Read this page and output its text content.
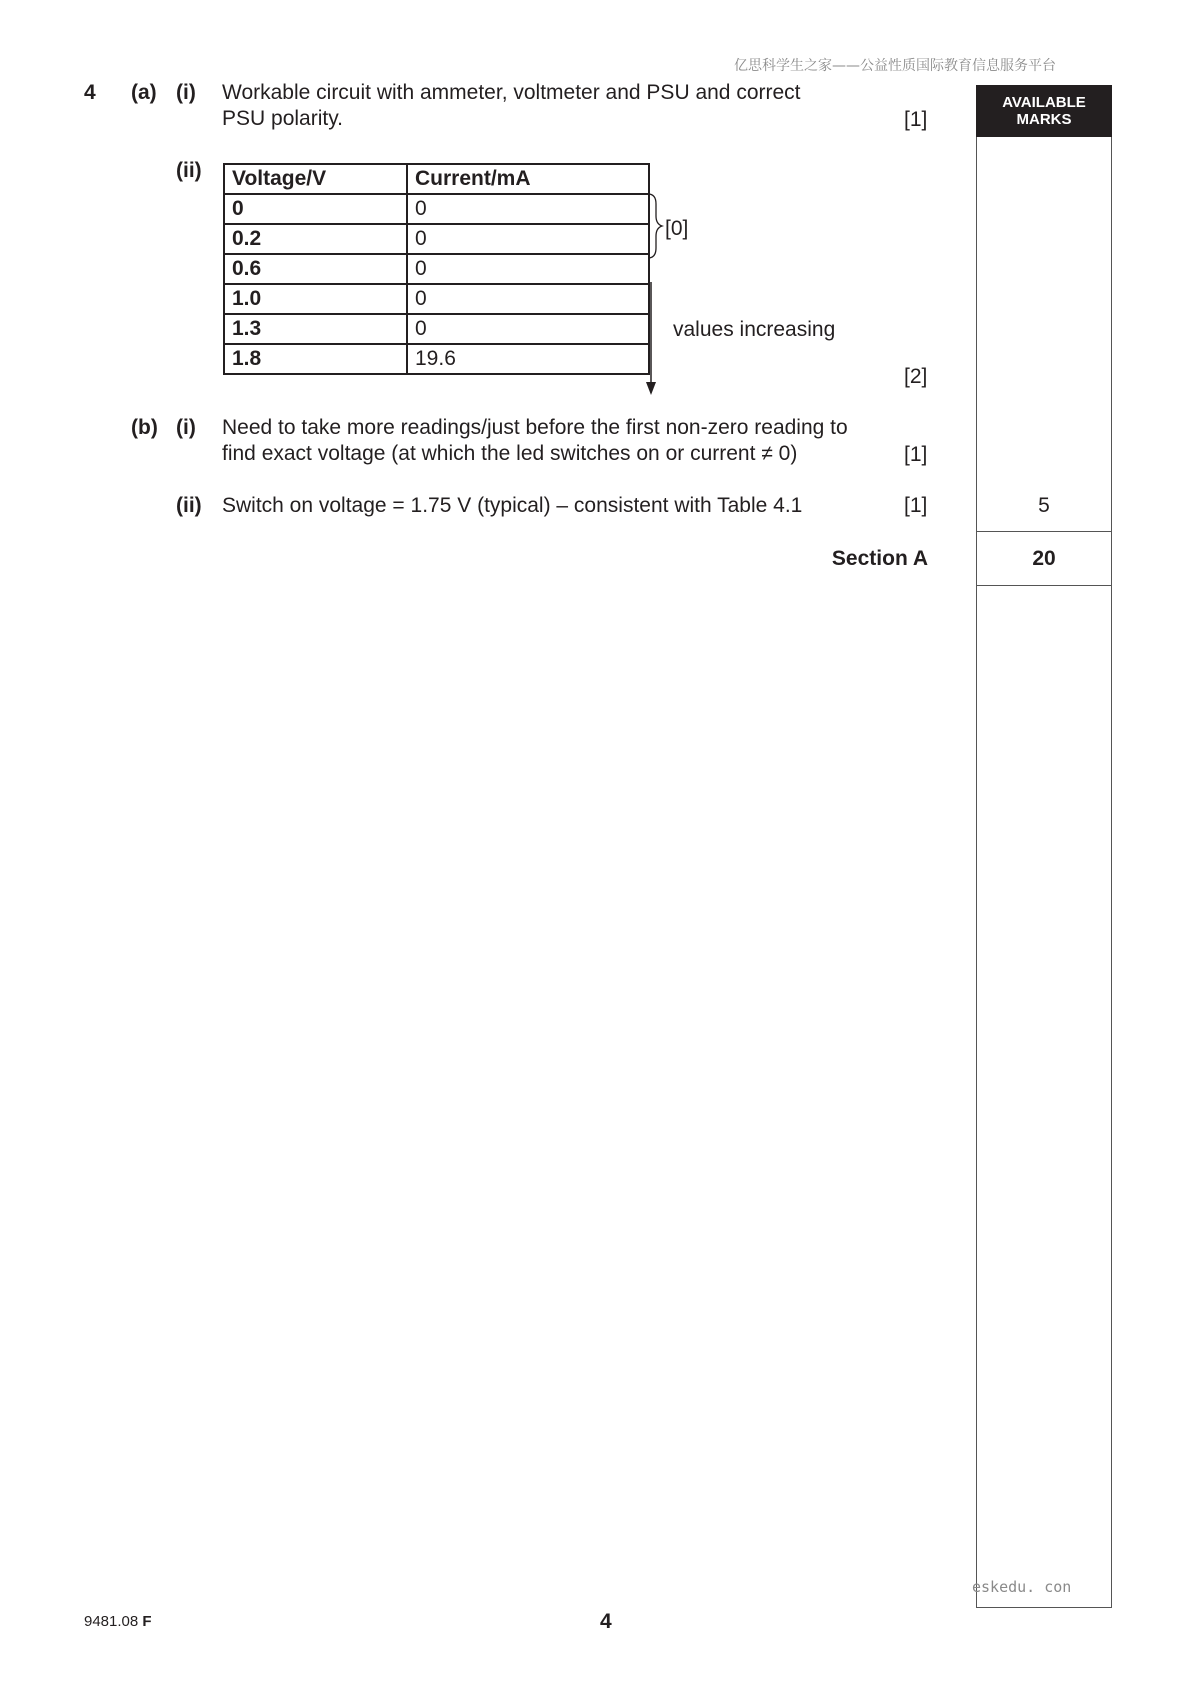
亿思科学生之家——公益性质国际教育信息服务平台
AVAILABLE
MARKS
4 (a) (i) Workable circuit with ammeter, voltmeter and PSU and correct
PSU polarity.	[1]
(ii) Voltage/V	Current/mA
0	0
0.2	0
0.6	0
1.0	0
1.3	0
1.8	19.6
[0]
values increasing
[2]
(b) (i) Need to take more readings/just before the first non-zero reading to
find exact voltage (at which the led switches on or current ≠ 0)	[1]
(ii) Switch on voltage = 1.75 V (typical) – consistent with Table 4.1	[1]	5
Section A	20
eskedu. con
9481.08 F	4
